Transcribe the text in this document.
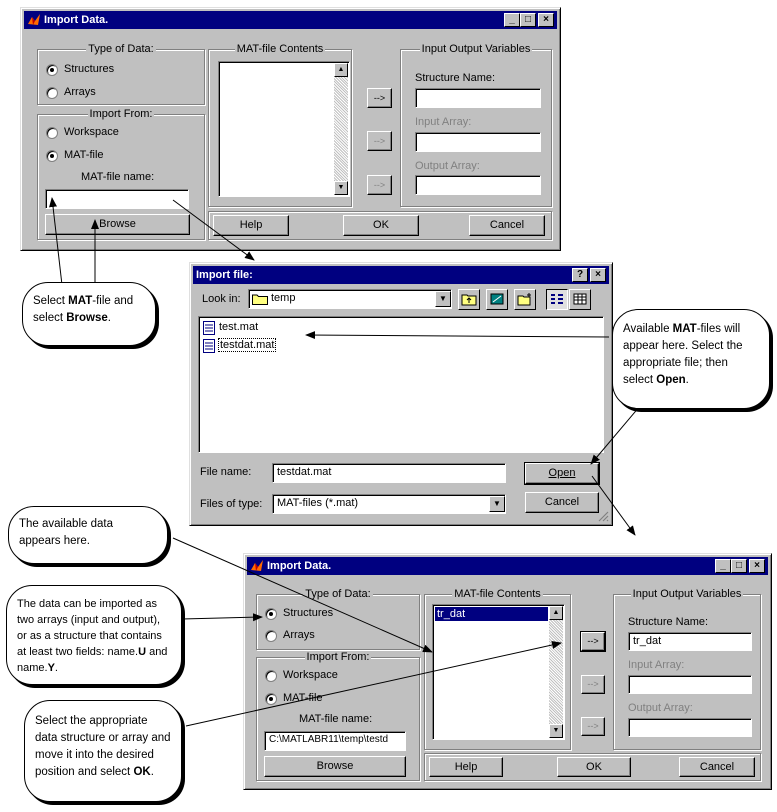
Import Data.	_	□	×
Type of Data:
Structures
Arrays
Import From:
Workspace
MAT-file
MAT-file name:
Browse
MAT-file Contents
▲
▼
-->
-->
-->
Input Output Variables
Structure Name:
Input Array:
Output Array:
Help	OK	Cancel
Import file:	?	×
Look in:	temp	▼
test.mat
testdat.mat
File name:	testdat.mat
Files of type:	MAT-files (*.mat)	▼
Open
Cancel
Import Data.	_	□	×
Type of Data:
Structures
Arrays
Import From:
Workspace
MAT-file
MAT-file name:
C:\MATLABR11\temp\testd
Browse
MAT-file Contents
tr_dat	▲
▼
-->
-->
-->
Input Output Variables
Structure Name:
tr_dat
Input Array:
Output Array:
Help	OK	Cancel
Select MAT-file and select Browse.
Available MAT-files will appear here. Select the appropriate file; then select Open.
The available data appears here.
The data can be imported as two arrays (input and output), or as a structure that contains at least two fields: name.U and name.Y.
Select the appropriate data structure or array and move it into the desired position and select OK.
